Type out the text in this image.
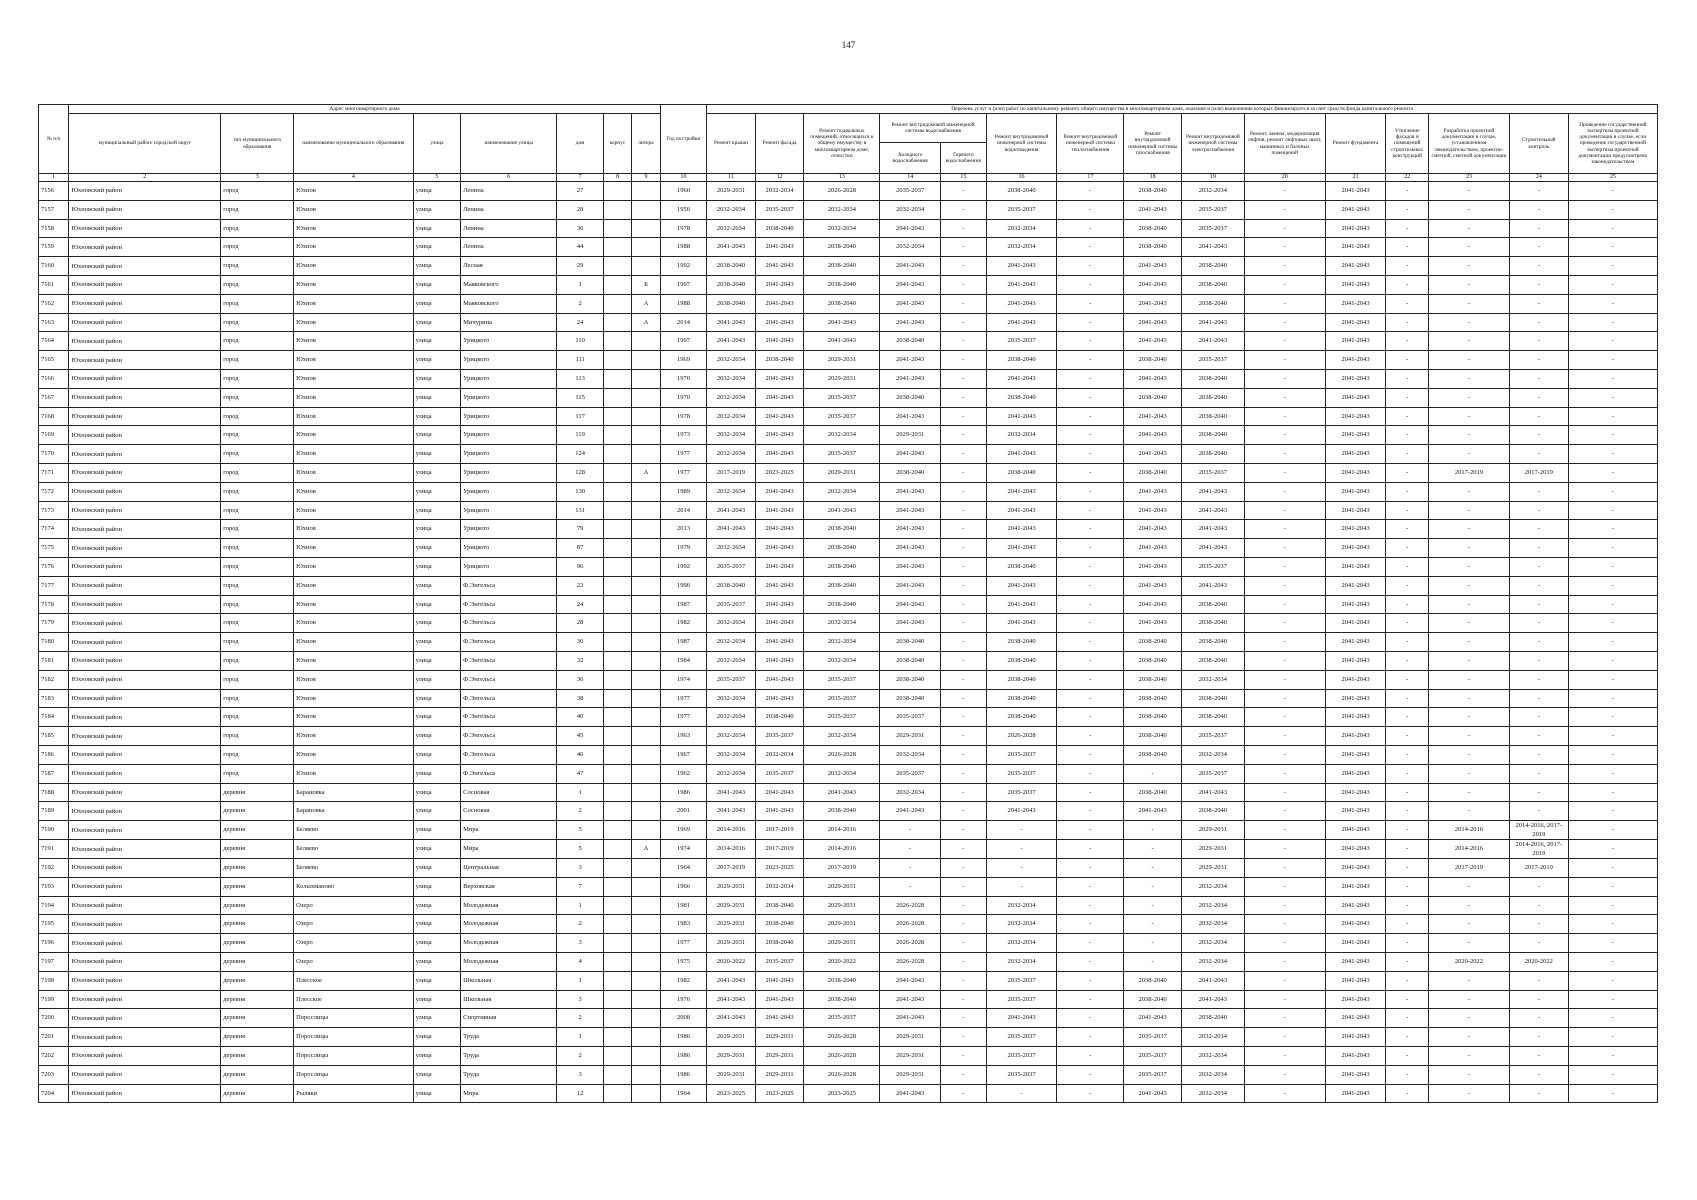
147
№ п/п	Адрес многоквартирного дома								Год постройки	Перечень услуг и (или) работ по капитальному ремонту общего имущества в многоквартирном доме, оказание и (или) выполнение которых финансируется за счет средств фонда капитального ремонта														
	муниципальный район/ городской округ	тип муниципального образования	наименование муниципального образования	улица	наименование улицы	дом	корпус	литера		Ремонт крыши	Ремонт фасада	Ремонт подвальных помещений, относящихся к общему имуществу в многоквартирном доме, отмостки	Ремонт внутридомовой инженерной системы водоснабжения		Ремонт внутридомовой инженерной системы водоотведения	Ремонт внутридомовой инженерной системы теплоснабжения	Ремонт внутридомовой инженерной системы газоснабжения	Ремонт внутридомовой инженерной системы электроснабжения	Ремонт, замена, модернизация лифтов, ремонт лифтовых шахт, машинных и блочных помещений	Ремонт фундамента	Утепление фасадов и помещений строительных конструкций	Разработка проектной документации в случае, установленном законодательством, проектно-сметной, сметной документации	Строительный контроль	Проведение государственной экспертизы проектной документации в случае, если проведение государственной экспертизы проектной документации предусмотрено законодательством
													Холодного водоснабжения	Горячего водоснабжения										
1	2	3	4	5	6	7	8	9	10	11	12	13	14	15	16	17	18	19	20	21	22	23	24	25
7156	Юхновский район	город	Юхнов	улица	Ленина	27			1960	2029-2031	2032-2034	2026-2028	2035-2037	-	2038-2040	-	2038-2040	2032-2034	-	2041-2043	-	-	-	-
7157	Юхновский район	город	Юхнов	улица	Ленина	28			1956	2032-2034	2035-2037	2032-2034	2032-2034	-	2035-2037	-	2041-2043	2035-2037	-	2041-2043	-	-	-	-
7158	Юхновский район	город	Юхнов	улица	Ленина	36			1978	2032-2034	2038-2040	2032-2034	2041-2043	-	2032-2034	-	2038-2040	2035-2037	-	2041-2043	-	-	-	-
7159	Юхновский район	город	Юхнов	улица	Ленина	44			1988	2041-2043	2041-2043	2038-2040	2032-2034	-	2032-2034	-	2038-2040	2041-2043	-	2041-2043	-	-	-	-
7160	Юхновский район	город	Юхнов	улица	Лесная	29			1992	2038-2040	2041-2043	2038-2040	2041-2043	-	2041-2043	-	2041-2043	2038-2040	-	2041-2043	-	-	-	-
7161	Юхновский район	город	Юхнов	улица	Маяковского	1		Б	1997	2038-2040	2041-2043	2038-2040	2041-2043	-	2041-2043	-	2041-2043	2038-2040	-	2041-2043	-	-	-	-
7162	Юхновский район	город	Юхнов	улица	Маяковского	2		А	1988	2038-2040	2041-2043	2038-2040	2041-2043	-	2041-2043	-	2041-2043	2038-2040	-	2041-2043	-	-	-	-
7163	Юхновский район	город	Юхнов	улица	Мичурина	24		А	2014	2041-2043	2041-2043	2041-2043	2041-2043	-	2041-2043	-	2041-2043	2041-2043	-	2041-2043	-	-	-	-
7164	Юхновский район	город	Юхнов	улица	Урицкого	110			1997	2041-2043	2041-2043	2041-2043	2038-2040	-	2035-2037	-	2041-2043	2041-2043	-	2041-2043	-	-	-	-
7165	Юхновский район	город	Юхнов	улица	Урицкого	111			1969	2032-2034	2038-2040	2029-2031	2041-2043	-	2038-2040	-	2038-2040	2035-2037	-	2041-2043	-	-	-	-
7166	Юхновский район	город	Юхнов	улица	Урицкого	113			1970	2032-2034	2041-2043	2029-2031	2041-2043	-	2041-2043	-	2041-2043	2038-2040	-	2041-2043	-	-	-	-
7167	Юхновский район	город	Юхнов	улица	Урицкого	115			1970	2032-2034	2041-2043	2035-2037	2038-2040	-	2038-2040	-	2038-2040	2038-2040	-	2041-2043	-	-	-	-
7168	Юхновский район	город	Юхнов	улица	Урицкого	117			1978	2032-2034	2041-2043	2035-2037	2041-2043	-	2041-2043	-	2041-2043	2038-2040	-	2041-2043	-	-	-	-
7169	Юхновский район	город	Юхнов	улица	Урицкого	119			1973	2032-2034	2041-2043	2032-2034	2029-2031	-	2032-2034	-	2041-2043	2038-2040	-	2041-2043	-	-	-	-
7170	Юхновский район	город	Юхнов	улица	Урицкого	124			1977	2032-2034	2041-2043	2035-2037	2041-2043	-	2041-2043	-	2041-2043	2038-2040	-	2041-2043	-	-	-	-
7171	Юхновский район	город	Юхнов	улица	Урицкого	128		А	1977	2017-2019	2023-2025	2029-2031	2038-2040	-	2038-2040	-	2038-2040	2035-2037	-	2041-2043	-	2017-2019	2017-2019	-
7172	Юхновский район	город	Юхнов	улица	Урицкого	130			1989	2032-2034	2041-2043	2032-2034	2041-2043	-	2041-2043	-	2041-2043	2041-2043	-	2041-2043	-	-	-	-
7173	Юхновский район	город	Юхнов	улица	Урицкого	131			2014	2041-2043	2041-2043	2041-2043	2041-2043	-	2041-2043	-	2041-2043	2041-2043	-	2041-2043	-	-	-	-
7174	Юхновский район	город	Юхнов	улица	Урицкого	79			2013	2041-2043	2041-2043	2038-2040	2041-2043	-	2041-2043	-	2041-2043	2041-2043	-	2041-2043	-	-	-	-
7175	Юхновский район	город	Юхнов	улица	Урицкого	87			1979	2032-2034	2041-2043	2038-2040	2041-2043	-	2041-2043	-	2041-2043	2041-2043	-	2041-2043	-	-	-	-
7176	Юхновский район	город	Юхнов	улица	Урицкого	96			1992	2035-2037	2041-2043	2038-2040	2041-2043	-	2038-2040	-	2041-2043	2035-2037	-	2041-2043	-	-	-	-
7177	Юхновский район	город	Юхнов	улица	Ф.Энгельса	22			1996	2038-2040	2041-2043	2038-2040	2041-2043	-	2041-2043	-	2041-2043	2041-2043	-	2041-2043	-	-	-	-
7178	Юхновский район	город	Юхнов	улица	Ф.Энгельса	24			1987	2035-2037	2041-2043	2038-2040	2041-2043	-	2041-2043	-	2041-2043	2038-2040	-	2041-2043	-	-	-	-
7179	Юхновский район	город	Юхнов	улица	Ф.Энгельса	28			1982	2032-2034	2041-2043	2032-2034	2041-2043	-	2041-2043	-	2041-2043	2038-2040	-	2041-2043	-	-	-	-
7180	Юхновский район	город	Юхнов	улица	Ф.Энгельса	30			1987	2032-2034	2041-2043	2032-2034	2038-2040	-	2038-2040	-	2038-2040	2038-2040	-	2041-2043	-	-	-	-
7181	Юхновский район	город	Юхнов	улица	Ф.Энгельса	32			1984	2032-2034	2041-2043	2032-2034	2038-2040	-	2038-2040	-	2038-2040	2038-2040	-	2041-2043	-	-	-	-
7182	Юхновский район	город	Юхнов	улица	Ф.Энгельса	36			1974	2035-2037	2041-2043	2035-2037	2038-2040	-	2038-2040	-	2038-2040	2032-2034	-	2041-2043	-	-	-	-
7183	Юхновский район	город	Юхнов	улица	Ф.Энгельса	38			1977	2032-2034	2041-2043	2035-2037	2038-2040	-	2038-2040	-	2038-2040	2038-2040	-	2041-2043	-	-	-	-
7184	Юхновский район	город	Юхнов	улица	Ф.Энгельса	40			1977	2032-2034	2038-2040	2035-2037	2035-2037	-	2038-2040	-	2038-2040	2038-2040	-	2041-2043	-	-	-	-
7185	Юхновский район	город	Юхнов	улица	Ф.Энгельса	45			1963	2032-2034	2035-2037	2032-2034	2029-2031	-	2026-2028	-	2038-2040	2035-2037	-	2041-2043	-	-	-	-
7186	Юхновский район	город	Юхнов	улица	Ф.Энгельса	46			1967	2032-2034	2032-2034	2026-2028	2032-2034	-	2035-2037	-	2038-2040	2032-2034	-	2041-2043	-	-	-	-
7187	Юхновский район	город	Юхнов	улица	Ф.Энгельса	47			1962	2032-2034	2035-2037	2032-2034	2035-2037	-	2035-2037	-	-	2035-2037	-	2041-2043	-	-	-	-
7188	Юхновский район	деревня	Барановка	улица	Сосновая	1			1986	2041-2043	2041-2043	2041-2043	2032-2034	-	2035-2037	-	2038-2040	2041-2043	-	2041-2043	-	-	-	-
7189	Юхновский район	деревня	Барановка	улица	Сосновая	2			2001	2041-2043	2041-2043	2038-2040	2041-2043	-	2041-2043	-	2041-2043	2038-2040	-	2041-2043	-	-	-	-
7190	Юхновский район	деревня	Беляево	улица	Мира	5			1969	2014-2016	2017-2019	2014-2016	-	-	-	-	-	2029-2031	-	2041-2043	-	2014-2016	2014-2016, 2017-2019	-
7191	Юхновский район	деревня	Беляево	улица	Мира	5		А	1974	2014-2016	2017-2019	2014-2016	-	-	-	-	-	2029-2031	-	2041-2043	-	2014-2016	2014-2016, 2017-2019	-
7192	Юхновский район	деревня	Беляево	улица	Центральная	3			1964	2017-2019	2023-2025	2017-2019	-	-	-	-	-	2029-2031	-	2041-2043	-	2017-2019	2017-2019	-
7193	Юхновский район	деревня	Колыхманово	улица	Верховская	7			1966	2029-2031	2032-2034	2029-2031	-	-	-	-	-	2032-2034	-	2041-2043	-	-	-	-
7194	Юхновский район	деревня	Озеро	улица	Молодежная	1			1981	2029-2031	2038-2040	2029-2031	2026-2028	-	2032-2034	-	-	2032-2034	-	2041-2043	-	-	-	-
7195	Юхновский район	деревня	Озеро	улица	Молодежная	2			1983	2029-2031	2038-2040	2029-2031	2026-2028	-	2032-2034	-	-	2032-2034	-	2041-2043	-	-	-	-
7196	Юхновский район	деревня	Озеро	улица	Молодежная	3			1977	2029-2031	2038-2040	2029-2031	2026-2028	-	2032-2034	-	-	2032-2034	-	2041-2043	-	-	-	-
7197	Юхновский район	деревня	Озеро	улица	Молодежная	4			1975	2020-2022	2035-2037	2020-2022	2026-2028	-	2032-2034	-	-	2032-2034	-	2041-2043	-	2020-2022	2020-2022	-
7198	Юхновский район	деревня	Плесское	улица	Школьная	1			1982	2041-2043	2041-2043	2038-2040	2041-2043	-	2035-2037	-	2038-2040	2041-2043	-	2041-2043	-	-	-	-
7199	Юхновский район	деревня	Плесское	улица	Школьная	3			1976	2041-2043	2041-2043	2038-2040	2041-2043	-	2035-2037	-	2038-2040	2041-2043	-	2041-2043	-	-	-	-
7200	Юхновский район	деревня	Порослицы	улица	Спортивная	2			2008	2041-2043	2041-2043	2035-2037	2041-2043	-	2041-2043	-	2041-2043	2038-2040	-	2041-2043	-	-	-	-
7201	Юхновский район	деревня	Порослицы	улица	Труда	1			1986	2029-2031	2029-2031	2026-2028	2029-2031	-	2035-2037	-	2035-2037	2032-2034	-	2041-2043	-	-	-	-
7202	Юхновский район	деревня	Порослицы	улица	Труда	2			1986	2029-2031	2029-2031	2026-2028	2029-2031	-	2035-2037	-	2035-2037	2032-2034	-	2041-2043	-	-	-	-
7203	Юхновский район	деревня	Порослицы	улица	Труда	3			1986	2029-2031	2029-2031	2026-2028	2029-2031	-	2035-2037	-	2035-2037	2032-2034	-	2041-2043	-	-	-	-
7204	Юхновский район	деревня	Рыляки	улица	Мира	12			1964	2023-2025	2023-2025	2023-2025	2041-2043	-	-	-	2041-2043	2032-2034	-	2041-2043	-	-	-	-
